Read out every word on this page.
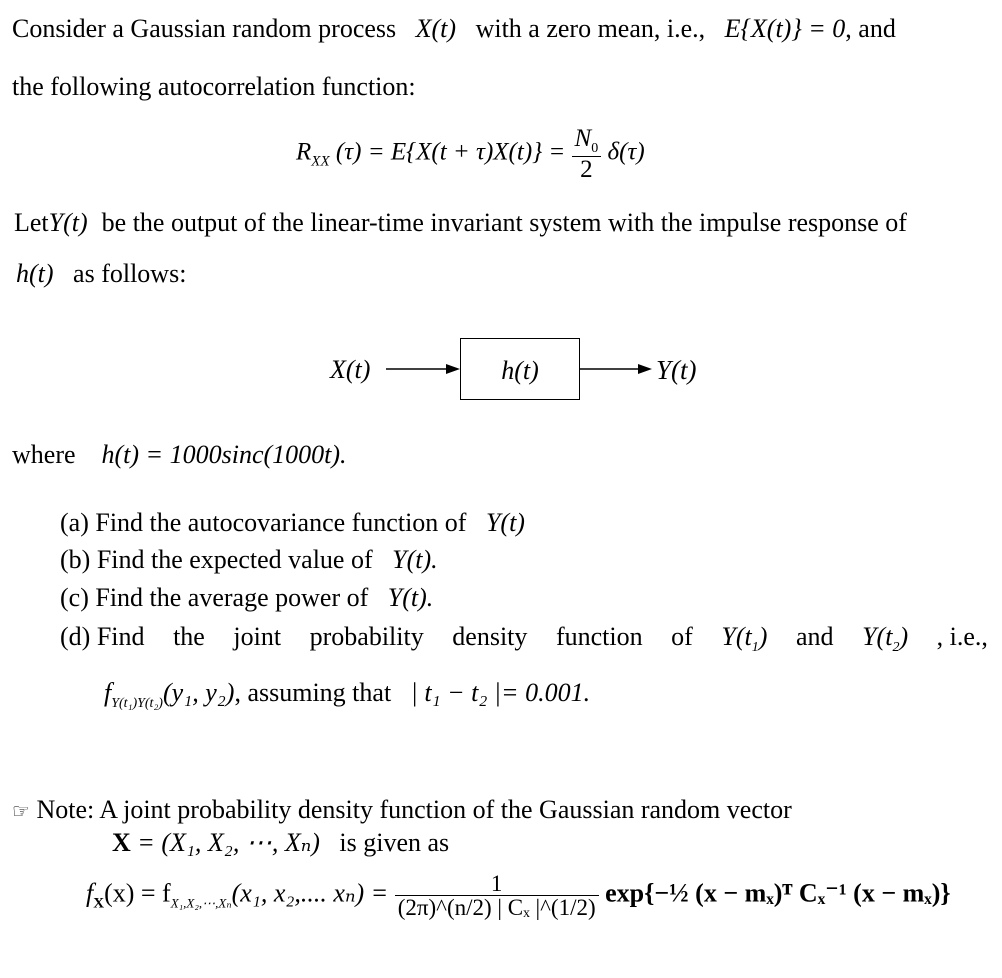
Consider a Gaussian random process X(t) with a zero mean, i.e., E{X(t)} = 0, and
the following autocorrelation function:
$R_{XX}$ $(\tau) = E\{X(t + \tau)X(t)\} = \frac{N_0}{2} \delta(\tau)$
Let Y(t) be the output of the linear-time invariant system with the impulse response of
h(t) as follows:
X(t)	h(t)	Y(t)
where h(t) = 1000sinc(1000t).
(a) Find the autocovariance function of Y(t)
(b) Find the expected value of Y(t).
(c) Find the average power of Y(t).
(d) Find the joint probability density function of $Y(t_1)$ and $Y(t_2)$ , i.e.,
$f_{Y(t_1)Y(t_2)}(y_1$, y₂), assuming that | t₁ − t₂ |= 0.001.
☞ Note: A joint probability density function of the Gaussian random vector
X = (X₁, X₂, ⋯, Xₙ) is given as
$f_X(x) = f_{X_1,X_2,\cdots,X_n}(x_1$, x₂,.... $x_n) = \frac{1}{\text{(2π)\textasciicircum{}(n/2) | Cₓ |\textasciicircum{}(1/2)}}$ exp{−½ (x − mₓ)ᵀ Cₓ⁻¹ (x − mₓ)}
